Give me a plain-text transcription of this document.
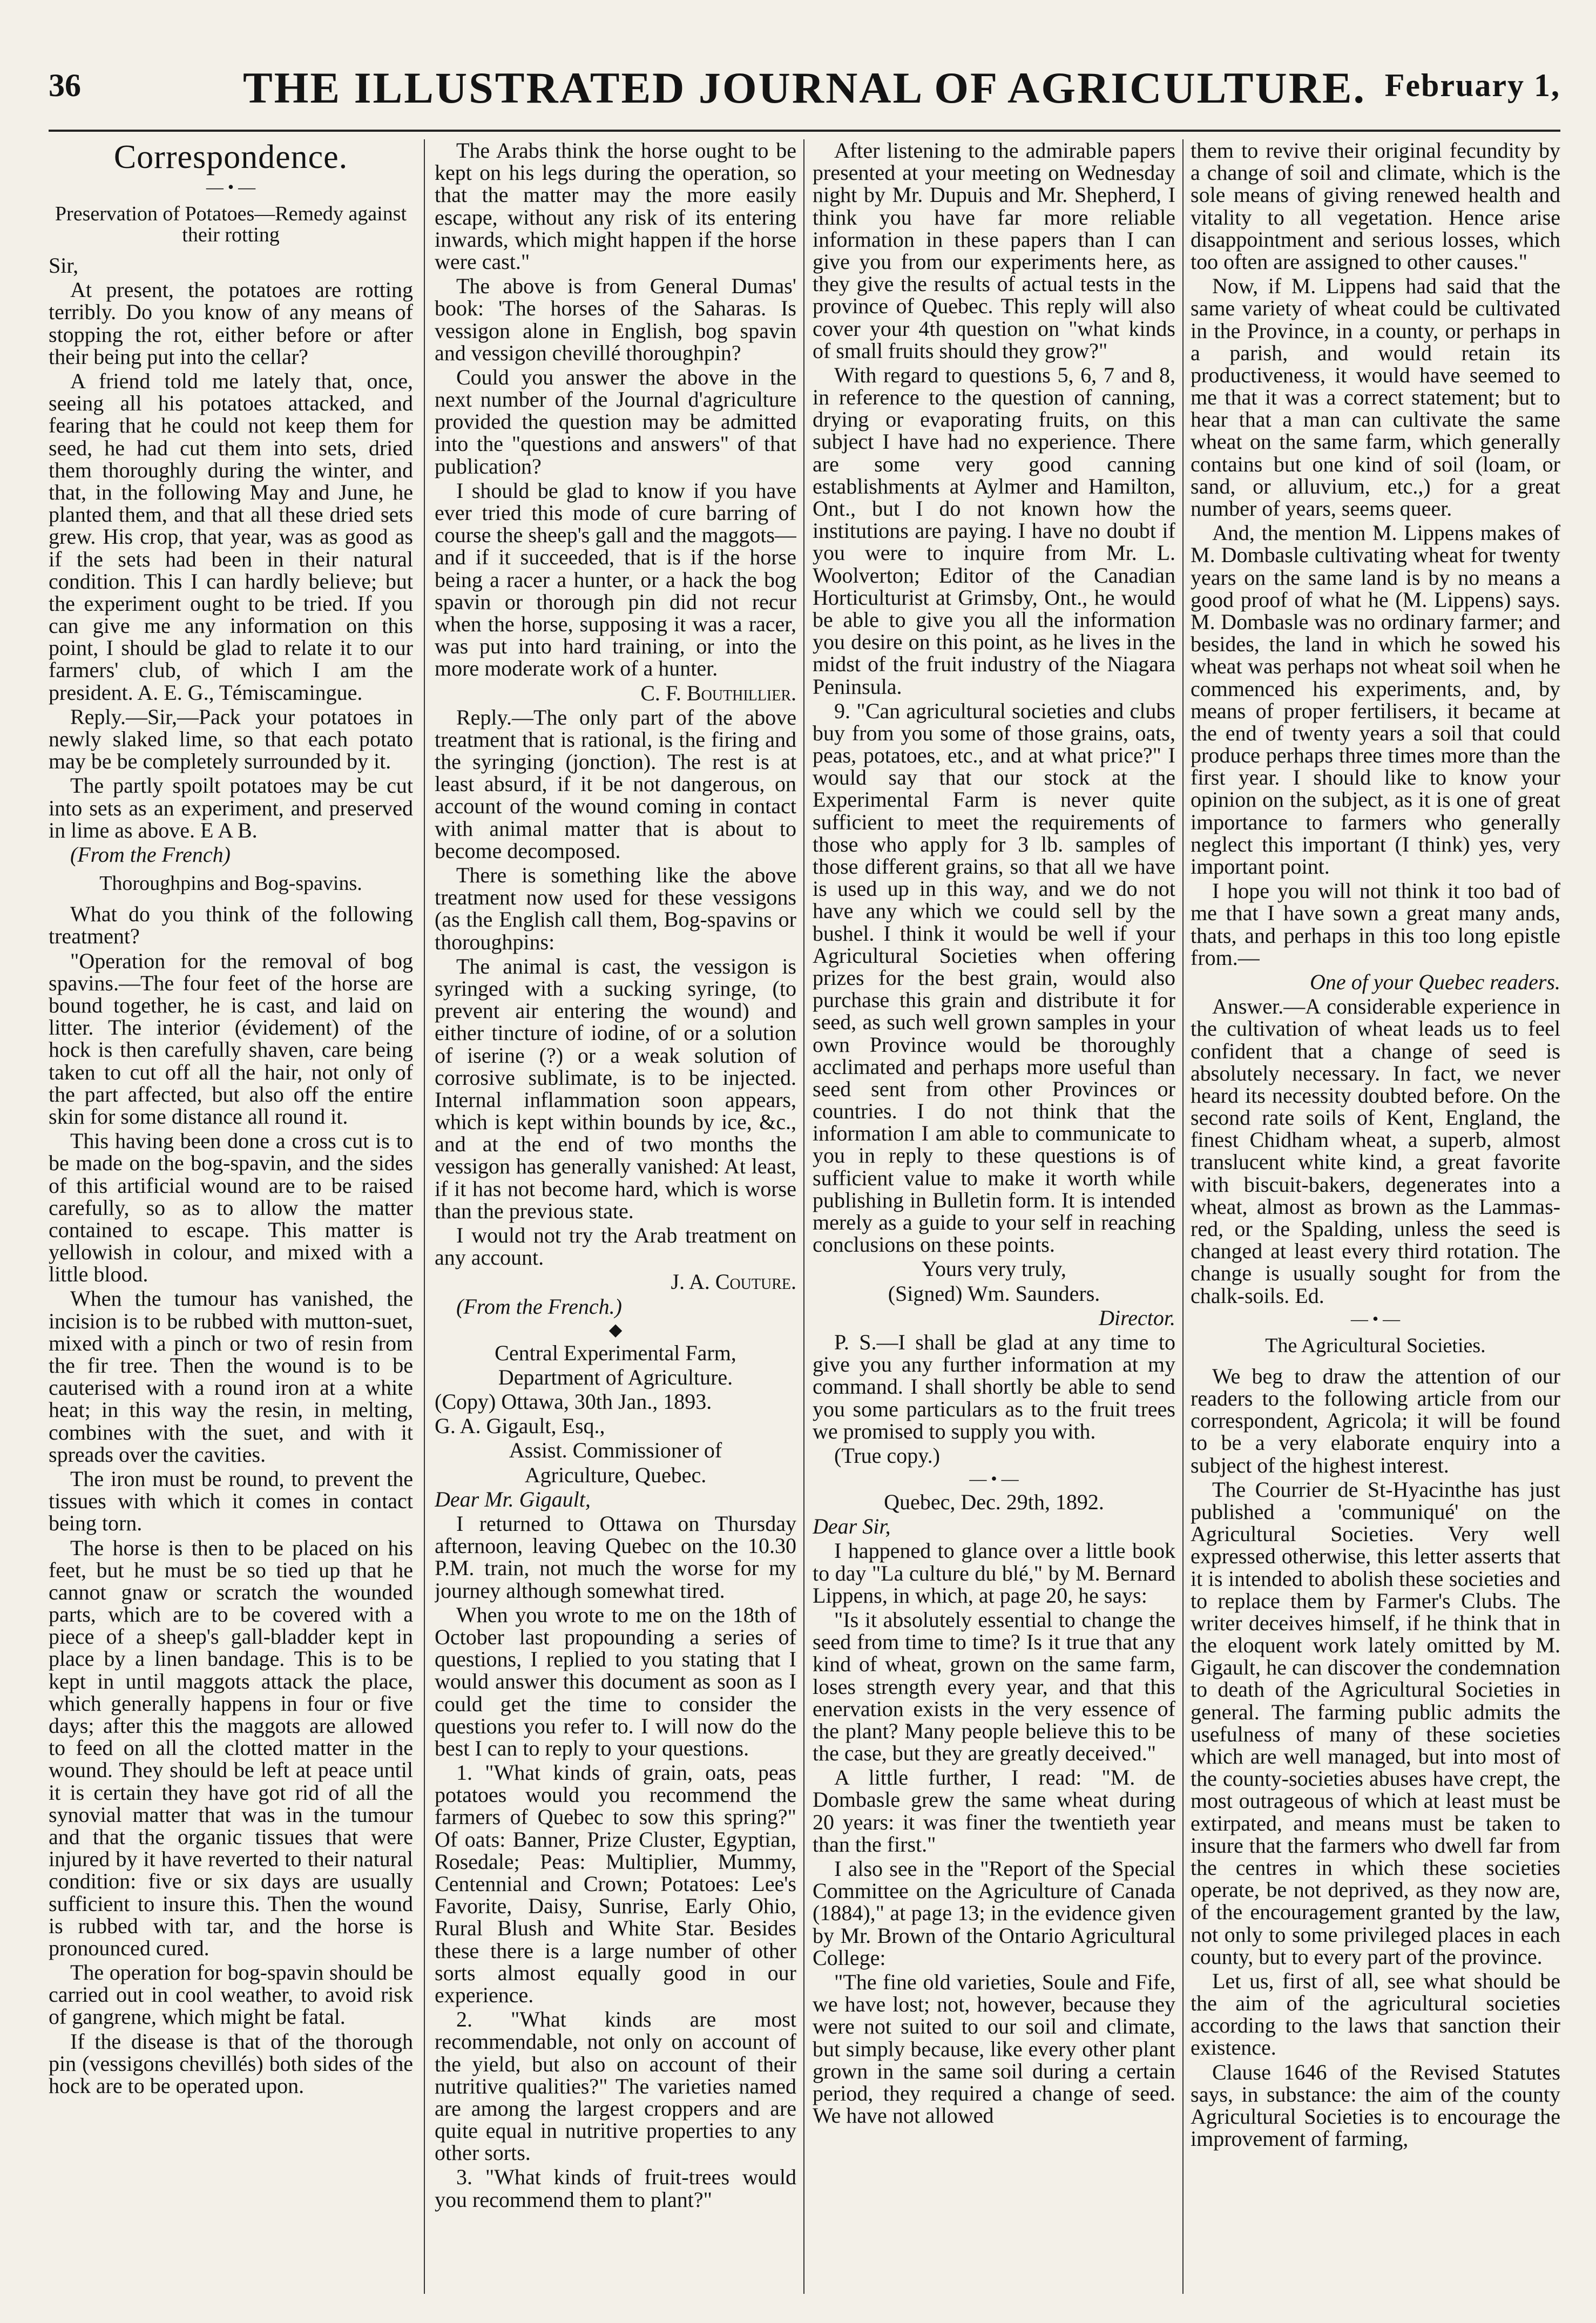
36	THE ILLUSTRATED JOURNAL OF AGRICULTURE. February 1,
Correspondence.
— • —
Preservation of Potatoes—Remedy against their rotting

Sir,

At present, the potatoes are rotting terribly. Do you know of any means of stopping the rot, either before or after their being put into the cellar?

A friend told me lately that, once, seeing all his potatoes attacked, and fearing that he could not keep them for seed, he had cut them into sets, dried them thoroughly during the winter, and that, in the following May and June, he planted them, and that all these dried sets grew. His crop, that year, was as good as if the sets had been in their natural condition. This I can hardly believe; but the experiment ought to be tried. If you can give me any information on this point, I should be glad to relate it to our farmers' club, of which I am the president. A. E. G., Témiscamingue.

Reply.—Sir,—Pack your potatoes in newly slaked lime, so that each potato may be be completely surrounded by it.

The partly spoilt potatoes may be cut into sets as an experiment, and preserved in lime as above. E A B.

(From the French)

Thoroughpins and Bog-spavins.

What do you think of the following treatment?

"Operation for the removal of bog spavins.—The four feet of the horse are bound together, he is cast, and laid on litter. The interior (évidement) of the hock is then carefully shaven, care being taken to cut off all the hair, not only of the part affected, but also off the entire skin for some distance all round it.

This having been done a cross cut is to be made on the bog-spavin, and the sides of this artificial wound are to be raised carefully, so as to allow the matter contained to escape. This matter is yellowish in colour, and mixed with a little blood.

When the tumour has vanished, the incision is to be rubbed with mutton-suet, mixed with a pinch or two of resin from the fir tree. Then the wound is to be cauterised with a round iron at a white heat; in this way the resin, in melting, combines with the suet, and with it spreads over the cavities.

The iron must be round, to prevent the tissues with which it comes in contact being torn.

The horse is then to be placed on his feet, but he must be so tied up that he cannot gnaw or scratch the wounded parts, which are to be covered with a piece of a sheep's gall-bladder kept in place by a linen bandage. This is to be kept in until maggots attack the place, which generally happens in four or five days; after this the maggots are allowed to feed on all the clotted matter in the wound. They should be left at peace until it is certain they have got rid of all the synovial matter that was in the tumour and that the organic tissues that were injured by it have reverted to their natural condition: five or six days are usually sufficient to insure this. Then the wound is rubbed with tar, and the horse is pronounced cured.

The operation for bog-spavin should be carried out in cool weather, to avoid risk of gangrene, which might be fatal.

If the disease is that of the thorough pin (vessigons chevillés) both sides of the hock are to be operated upon.

The Arabs think the horse ought to be kept on his legs during the operation, so that the matter may the more easily escape, without any risk of its entering inwards, which might happen if the horse were cast."

The above is from General Dumas' book: 'The horses of the Saharas. Is vessigon alone in English, bog spavin and vessigon chevillé thoroughpin?

Could you answer the above in the next number of the Journal d'agriculture provided the question may be admitted into the "questions and answers" of that publication?

I should be glad to know if you have ever tried this mode of cure barring of course the sheep's gall and the maggots—and if it succeeded, that is if the horse being a racer a hunter, or a hack the bog spavin or thorough pin did not recur when the horse, supposing it was a racer, was put into hard training, or into the more moderate work of a hunter.

C. F. Bouthillier.

Reply.—The only part of the above treatment that is rational, is the firing and the syringing (jonction). The rest is at least absurd, if it be not dangerous, on account of the wound coming in contact with animal matter that is about to become decomposed.

There is something like the above treatment now used for these vessigons (as the English call them, Bog-spavins or thoroughpins:

The animal is cast, the vessigon is syringed with a sucking syringe, (to prevent air entering the wound) and either tincture of iodine, of or a solution of iserine (?) or a weak solution of corrosive sublimate, is to be injected. Internal inflammation soon appears, which is kept within bounds by ice, &c., and at the end of two months the vessigon has generally vanished: At least, if it has not become hard, which is worse than the previous state.

I would not try the Arab treatment on any account.

J. A. Couture.

(From the French.)

◆

Central Experimental Farm,

Department of Agriculture.

(Copy) Ottawa, 30th Jan., 1893.

G. A. Gigault, Esq.,

Assist. Commissioner of

Agriculture, Quebec.

Dear Mr. Gigault,

I returned to Ottawa on Thursday afternoon, leaving Quebec on the 10.30 P.M. train, not much the worse for my journey although somewhat tired.

When you wrote to me on the 18th of October last propounding a series of questions, I replied to you stating that I would answer this document as soon as I could get the time to consider the questions you refer to. I will now do the best I can to reply to your questions.

1. "What kinds of grain, oats, peas potatoes would you recommend the farmers of Quebec to sow this spring?" Of oats: Banner, Prize Cluster, Egyptian, Rosedale; Peas: Multiplier, Mummy, Centennial and Crown; Potatoes: Lee's Favorite, Daisy, Sunrise, Early Ohio, Rural Blush and White Star. Besides these there is a large number of other sorts almost equally good in our experience.

2. "What kinds are most recommendable, not only on account of the yield, but also on account of their nutritive qualities?" The varieties named are among the largest croppers and are quite equal in nutritive properties to any other sorts.

3. "What kinds of fruit-trees would you recommend them to plant?"

After listening to the admirable papers presented at your meeting on Wednesday night by Mr. Dupuis and Mr. Shepherd, I think you have far more reliable information in these papers than I can give you from our experiments here, as they give the results of actual tests in the province of Quebec. This reply will also cover your 4th question on "what kinds of small fruits should they grow?"

With regard to questions 5, 6, 7 and 8, in reference to the question of canning, drying or evaporating fruits, on this subject I have had no experience. There are some very good canning establishments at Aylmer and Hamilton, Ont., but I do not known how the institutions are paying. I have no doubt if you were to inquire from Mr. L. Woolverton; Editor of the Canadian Horticulturist at Grimsby, Ont., he would be able to give you all the information you desire on this point, as he lives in the midst of the fruit industry of the Niagara Peninsula.

9. "Can agricultural societies and clubs buy from you some of those grains, oats, peas, potatoes, etc., and at what price?" I would say that our stock at the Experimental Farm is never quite sufficient to meet the requirements of those who apply for 3 lb. samples of those different grains, so that all we have is used up in this way, and we do not have any which we could sell by the bushel. I think it would be well if your Agricultural Societies when offering prizes for the best grain, would also purchase this grain and distribute it for seed, as such well grown samples in your own Province would be thoroughly acclimated and perhaps more useful than seed sent from other Provinces or countries. I do not think that the information I am able to communicate to you in reply to these questions is of sufficient value to make it worth while publishing in Bulletin form. It is intended merely as a guide to your self in reaching conclusions on these points.

Yours very truly,

(Signed) Wm. Saunders.

Director.

P. S.—I shall be glad at any time to give you any further information at my command. I shall shortly be able to send you some particulars as to the fruit trees we promised to supply you with.

(True copy.)

— • —

Quebec, Dec. 29th, 1892.

Dear Sir,

I happened to glance over a little book to day "La culture du blé," by M. Bernard Lippens, in which, at page 20, he says:

"Is it absolutely essential to change the seed from time to time? Is it true that any kind of wheat, grown on the same farm, loses strength every year, and that this enervation exists in the very essence of the plant? Many people believe this to be the case, but they are greatly deceived."

A little further, I read: "M. de Dombasle grew the same wheat during 20 years: it was finer the twentieth year than the first."

I also see in the "Report of the Special Committee on the Agriculture of Canada (1884)," at page 13; in the evidence given by Mr. Brown of the Ontario Agricultural College:

"The fine old varieties, Soule and Fife, we have lost; not, however, because they were not suited to our soil and climate, but simply because, like every other plant grown in the same soil during a certain period, they required a change of seed. We have not allowed

them to revive their original fecundity by a change of soil and climate, which is the sole means of giving renewed health and vitality to all vegetation. Hence arise disappointment and serious losses, which too often are assigned to other causes."

Now, if M. Lippens had said that the same variety of wheat could be cultivated in the Province, in a county, or perhaps in a parish, and would retain its productiveness, it would have seemed to me that it was a correct statement; but to hear that a man can cultivate the same wheat on the same farm, which generally contains but one kind of soil (loam, or sand, or alluvium, etc.,) for a great number of years, seems queer.

And, the mention M. Lippens makes of M. Dombasle cultivating wheat for twenty years on the same land is by no means a good proof of what he (M. Lippens) says. M. Dombasle was no ordinary farmer; and besides, the land in which he sowed his wheat was perhaps not wheat soil when he commenced his experiments, and, by means of proper fertilisers, it became at the end of twenty years a soil that could produce perhaps three times more than the first year. I should like to know your opinion on the subject, as it is one of great importance to farmers who generally neglect this important (I think) yes, very important point.

I hope you will not think it too bad of me that I have sown a great many ands, thats, and perhaps in this too long epistle from.—

One of your Quebec readers.

Answer.—A considerable experience in the cultivation of wheat leads us to feel confident that a change of seed is absolutely necessary. In fact, we never heard its necessity doubted before. On the second rate soils of Kent, England, the finest Chidham wheat, a superb, almost translucent white kind, a great favorite with biscuit-bakers, degenerates into a wheat, almost as brown as the Lammas-red, or the Spalding, unless the seed is changed at least every third rotation. The change is usually sought for from the chalk-soils. Ed.

— • —
The Agricultural Societies.

We beg to draw the attention of our readers to the following article from our correspondent, Agricola; it will be found to be a very elaborate enquiry into a subject of the highest interest.

The Courrier de St-Hyacinthe has just published a 'communiqué' on the Agricultural Societies. Very well expressed otherwise, this letter asserts that it is intended to abolish these societies and to replace them by Farmer's Clubs. The writer deceives himself, if he think that in the eloquent work lately omitted by M. Gigault, he can discover the condemnation to death of the Agricultural Societies in general. The farming public admits the usefulness of many of these societies which are well managed, but into most of the county-societies abuses have crept, the most outrageous of which at least must be extirpated, and means must be taken to insure that the farmers who dwell far from the centres in which these societies operate, be not deprived, as they now are, of the encouragement granted by the law, not only to some privileged places in each county, but to every part of the province.

Let us, first of all, see what should be the aim of the agricultural societies according to the laws that sanction their existence.

Clause 1646 of the Revised Statutes says, in substance: the aim of the county Agricultural Societies is to encourage the improvement of farming,
